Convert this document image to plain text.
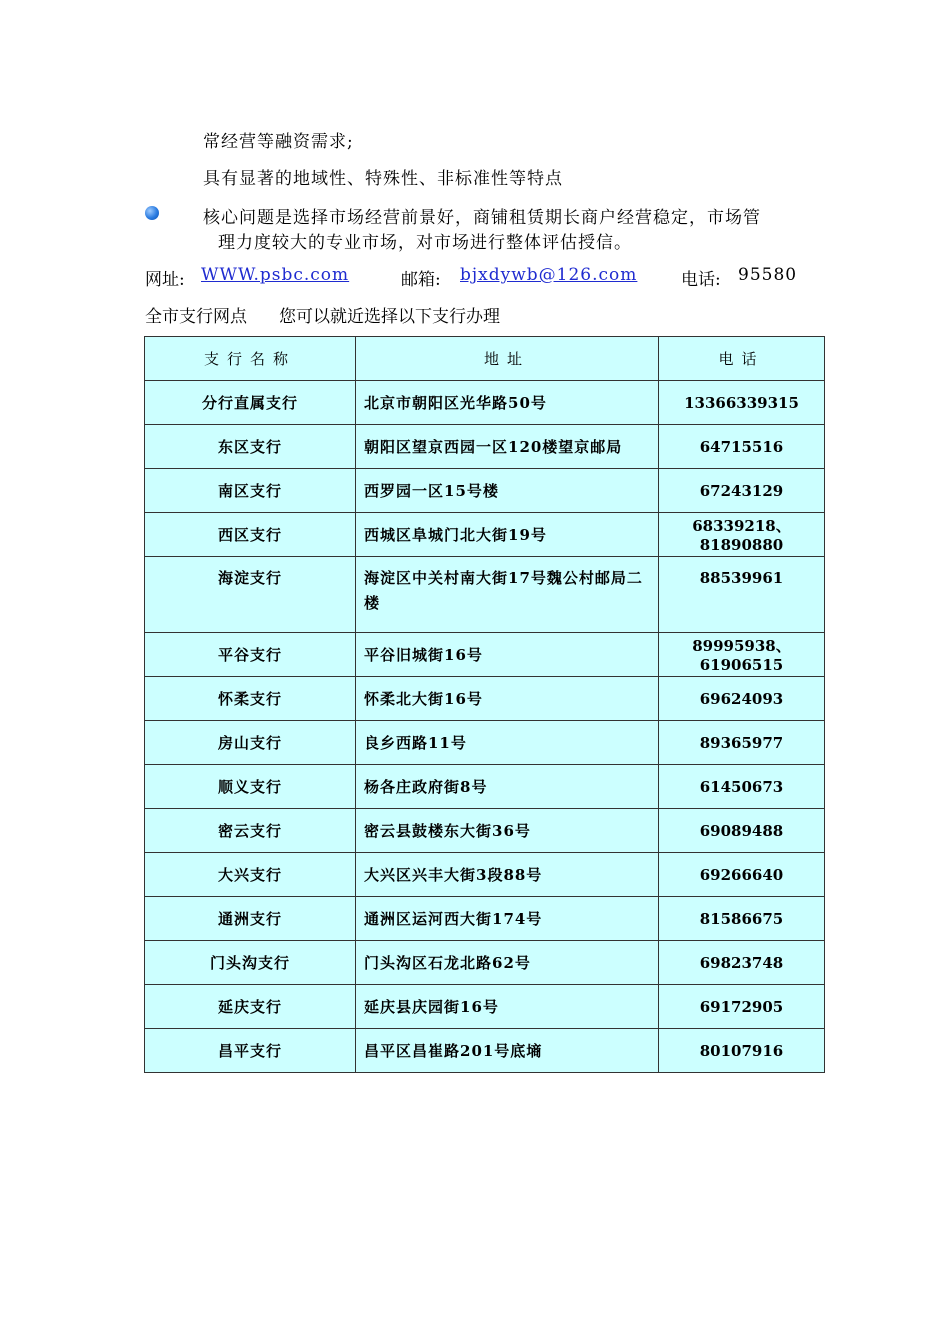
常经营等融资需求;
具有显著的地域性、特殊性、非标准性等特点
核心问题是选择市场经营前景好，商铺租赁期长商户经营稳定，市场管
理力度较大的专业市场，对市场进行整体评估授信。
网址: WWW.psbc.com	邮箱: bjxdywb@126.com	电话: 95580
全市支行网点 您可以就近选择以下支行办理
支行名称	地址	电话
分行直属支行	北京市朝阳区光华路50号	13366339315
东区支行	朝阳区望京西园一区120楼望京邮局	64715516
南区支行	西罗园一区15号楼	67243129
西区支行	西城区阜城门北大街19号	68339218、81890880
海淀支行	海淀区中关村南大街17号魏公村邮局二楼	88539961
平谷支行	平谷旧城街16号	89995938、61906515
怀柔支行	怀柔北大街16号	69624093
房山支行	良乡西路11号	89365977
顺义支行	杨各庄政府街8号	61450673
密云支行	密云县鼓楼东大街36号	69089488
大兴支行	大兴区兴丰大街3段88号	69266640
通洲支行	通洲区运河西大街174号	81586675
门头沟支行	门头沟区石龙北路62号	69823748
延庆支行	延庆县庆园街16号	69172905
昌平支行	昌平区昌崔路201号底墒	80107916
